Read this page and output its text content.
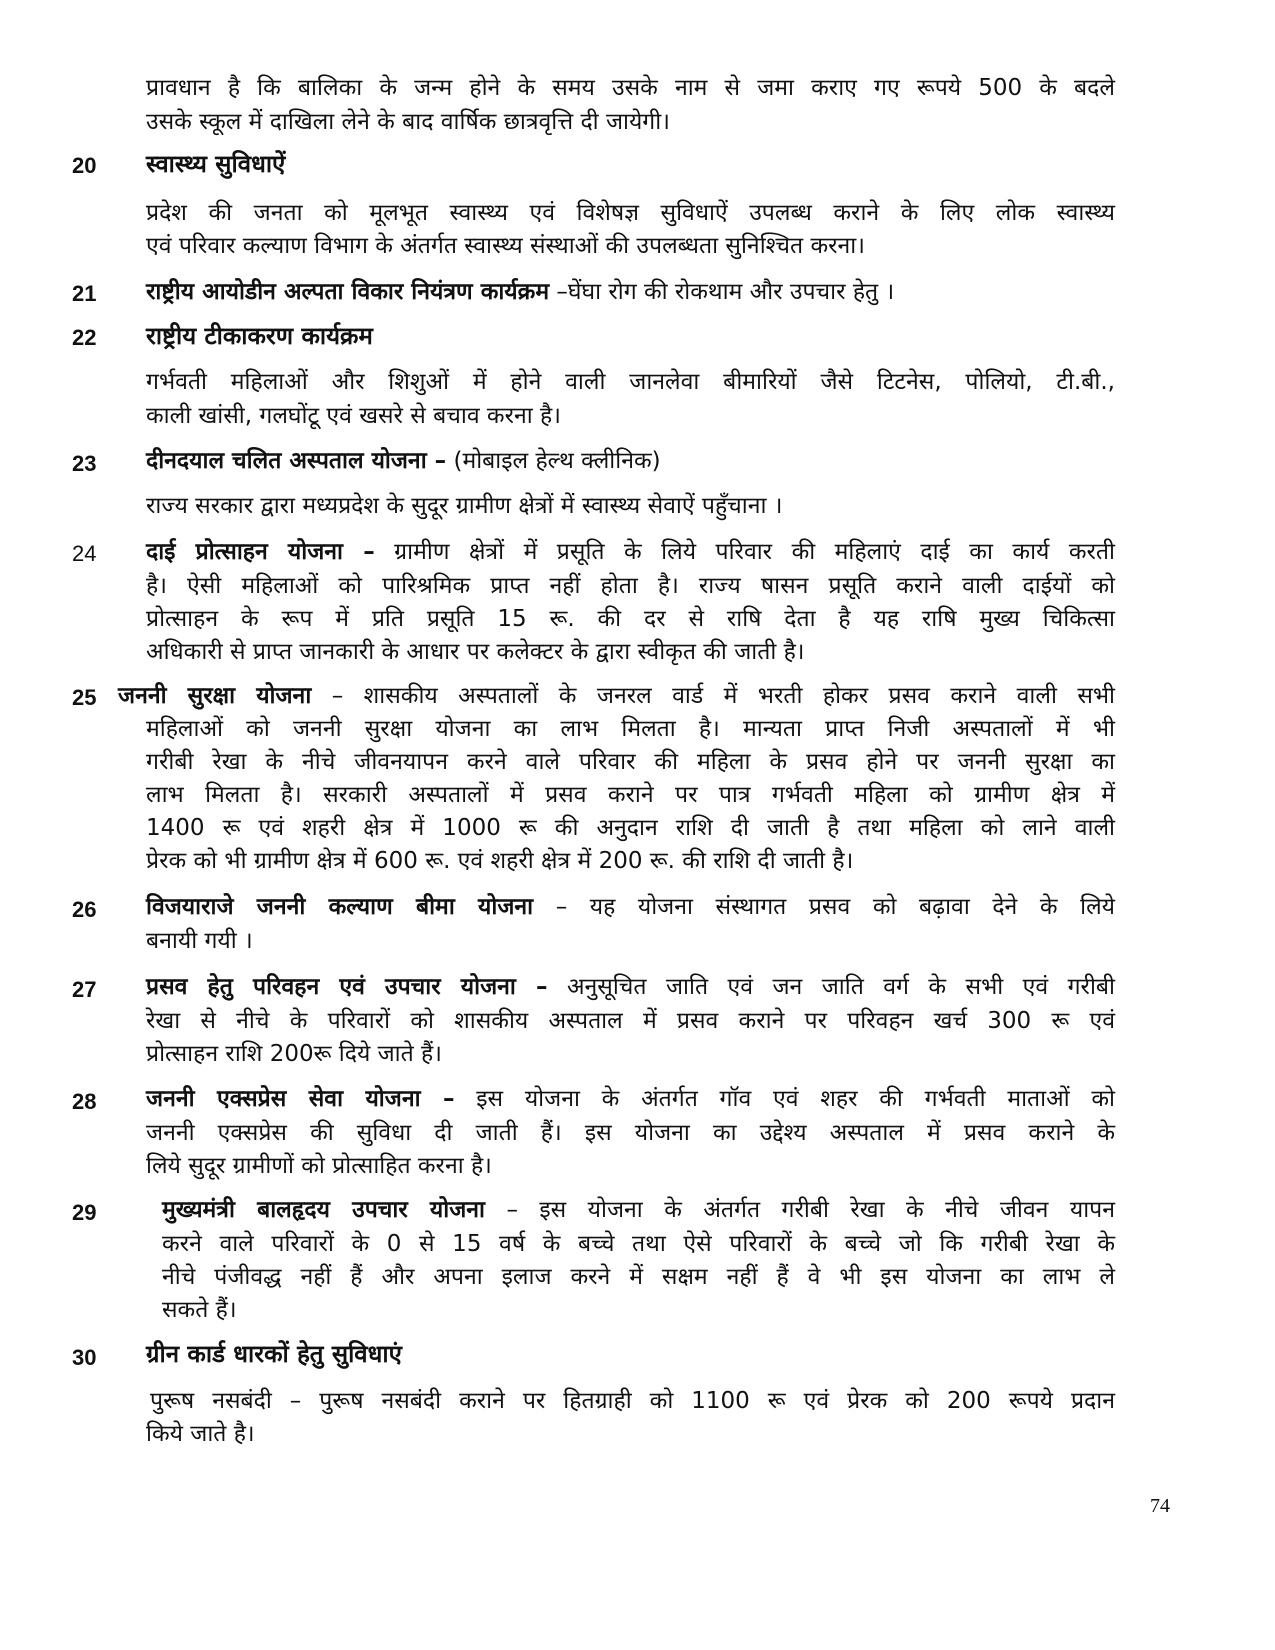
प्रावधान है कि बालिका के जन्म होने के समय उसके नाम से जमा कराए गए रूपये 500 के बदले
उसके स्कूल में दाखिला लेने के बाद वार्षिक छात्रवृत्ति दी जायेगी।
20 स्वास्थ्य सुविधाऐं
प्रदेश की जनता को मूलभूत स्वास्थ्य एवं विशेषज्ञ सुविधाऐं उपलब्ध कराने के लिए लोक स्वास्थ्य
एवं परिवार कल्याण विभाग के अंतर्गत स्वास्थ्य संस्थाओं की उपलब्धता सुनिश्चित करना।
21 राष्ट्रीय आयोडीन अल्पता विकार नियंत्रण कार्यक्रम –घेंघा रोग की रोकथाम और उपचार हेतु ।
22 राष्ट्रीय टीकाकरण कार्यक्रम
गर्भवती महिलाओं और शिशुओं में होने वाली जानलेवा बीमारियों जैसे टिटनेस, पोलियो, टी.बी.,
काली खांसी, गलघोंटू एवं खसरे से बचाव करना है।
23 दीनदयाल चलित अस्पताल योजना – (मोबाइल हेल्थ क्लीनिक)
राज्य सरकार द्वारा मध्यप्रदेश के सुदूर ग्रामीण क्षेत्रों में स्वास्थ्य सेवाऐं पहुँचाना ।
24 दाई प्रोत्साहन योजना – ग्रामीण क्षेत्रों में प्रसूति के लिये परिवार की महिलाएं दाई का कार्य करती
है। ऐसी महिलाओं को पारिश्रमिक प्राप्त नहीं होता है। राज्य षासन प्रसूति कराने वाली दाईयों को
प्रोत्साहन के रूप में प्रति प्रसूति 15 रू. की दर से राषि देता है यह राषि मुख्य चिकित्सा
अधिकारी से प्राप्त जानकारी के आधार पर कलेक्टर के द्वारा स्वीकृत की जाती है।
25 जननी सुरक्षा योजना – शासकीय अस्पतालों के जनरल वार्ड में भरती होकर प्रसव कराने वाली सभी
महिलाओं को जननी सुरक्षा योजना का लाभ मिलता है। मान्यता प्राप्त निजी अस्पतालों में भी
गरीबी रेखा के नीचे जीवनयापन करने वाले परिवार की महिला के प्रसव होने पर जननी सुरक्षा का
लाभ मिलता है। सरकारी अस्पतालों में प्रसव कराने पर पात्र गर्भवती महिला को ग्रामीण क्षेत्र में
1400 रू एवं शहरी क्षेत्र में 1000 रू की अनुदान राशि दी जाती है तथा महिला को लाने वाली
प्रेरक को भी ग्रामीण क्षेत्र में 600 रू. एवं शहरी क्षेत्र में 200 रू. की राशि दी जाती है।
26 विजयाराजे जननी कल्याण बीमा योजना – यह योजना संस्थागत प्रसव को बढ़ावा देने के लिये
बनायी गयी ।
27 प्रसव हेतु परिवहन एवं उपचार योजना – अनुसूचित जाति एवं जन जाति वर्ग के सभी एवं गरीबी
रेखा से नीचे के परिवारों को शासकीय अस्पताल में प्रसव कराने पर परिवहन खर्च 300 रू एवं
प्रोत्साहन राशि 200रू दिये जाते हैं।
28 जननी एक्सप्रेस सेवा योजना – इस योजना के अंतर्गत गॉव एवं शहर की गर्भवती माताओं को
जननी एक्सप्रेस की सुविधा दी जाती हैं। इस योजना का उद्देश्य अस्पताल में प्रसव कराने के
लिये सुदूर ग्रामीणों को प्रोत्साहित करना है।
29	मुख्यमंत्री बालहृदय उपचार योजना – इस योजना के अंतर्गत गरीबी रेखा के नीचे जीवन यापन
करने वाले परिवारों के 0 से 15 वर्ष के बच्चे तथा ऐसे परिवारों के बच्चे जो कि गरीबी रेखा के
नीचे पंजीवद्ध नहीं हैं और अपना इलाज करने में सक्षम नहीं हैं वे भी इस योजना का लाभ ले
सकते हैं।
30 ग्रीन कार्ड धारकों हेतु सुविधाएं
पुरूष नसबंदी – पुरूष नसबंदी कराने पर हितग्राही को 1100 रू एवं प्रेरक को 200 रूपये प्रदान
किये जाते है।
74
